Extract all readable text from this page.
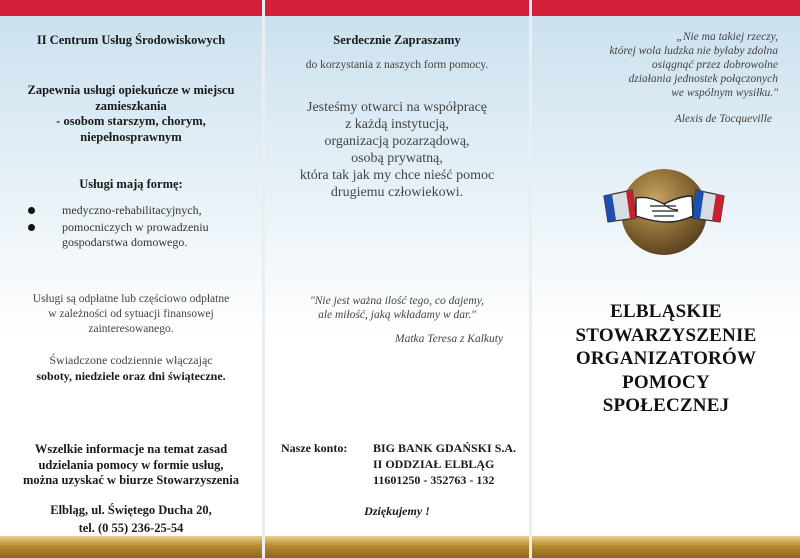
II Centrum Usług Środowiskowych
Zapewnia usługi opiekuńcze w miejscu
zamieszkania
- osobom starszym, chorym,
niepełnosprawnym
Usługi mają formę:
medyczno-rehabilitacyjnych,
pomocniczych w prowadzeniu
gospodarstwa domowego.
Usługi są odpłatne lub częściowo odpłatne
w zależności od sytuacji finansowej
zainteresowanego.
Świadczone codziennie włączając
soboty, niedziele oraz dni świąteczne.
Wszelkie informacje na temat zasad
udzielania pomocy w formie usług,
można uzyskać w biurze Stowarzyszenia
Elbląg, ul. Świętego Ducha 20,
tel. (0 55) 236-25-54
Serdecznie Zapraszamy
do korzystania z naszych form pomocy.
Jesteśmy otwarci na współpracę
z każdą instytucją,
organizacją pozarządową,
osobą prywatną,
która tak jak my chce nieść pomoc
drugiemu człowiekowi.
"Nie jest ważna ilość tego, co dajemy,
ale miłość, jaką wkładamy w dar."
Matka Teresa z Kalkuty
Nasze konto: BIG BANK GDAŃSKI S.A.
II ODDZIAŁ ELBLĄG
11601250 - 352763 - 132
Dziękujemy !
„Nie ma takiej rzeczy,
której wola ludzka nie byłaby zdolna
osiągnąć przez dobrowolne
działania jednostek połączonych
we wspólnym wysiłku."
Alexis de Tocqueville
ELBLĄSKIE
STOWARZYSZENIE
ORGANIZATORÓW
POMOCY
SPOŁECZNEJ
